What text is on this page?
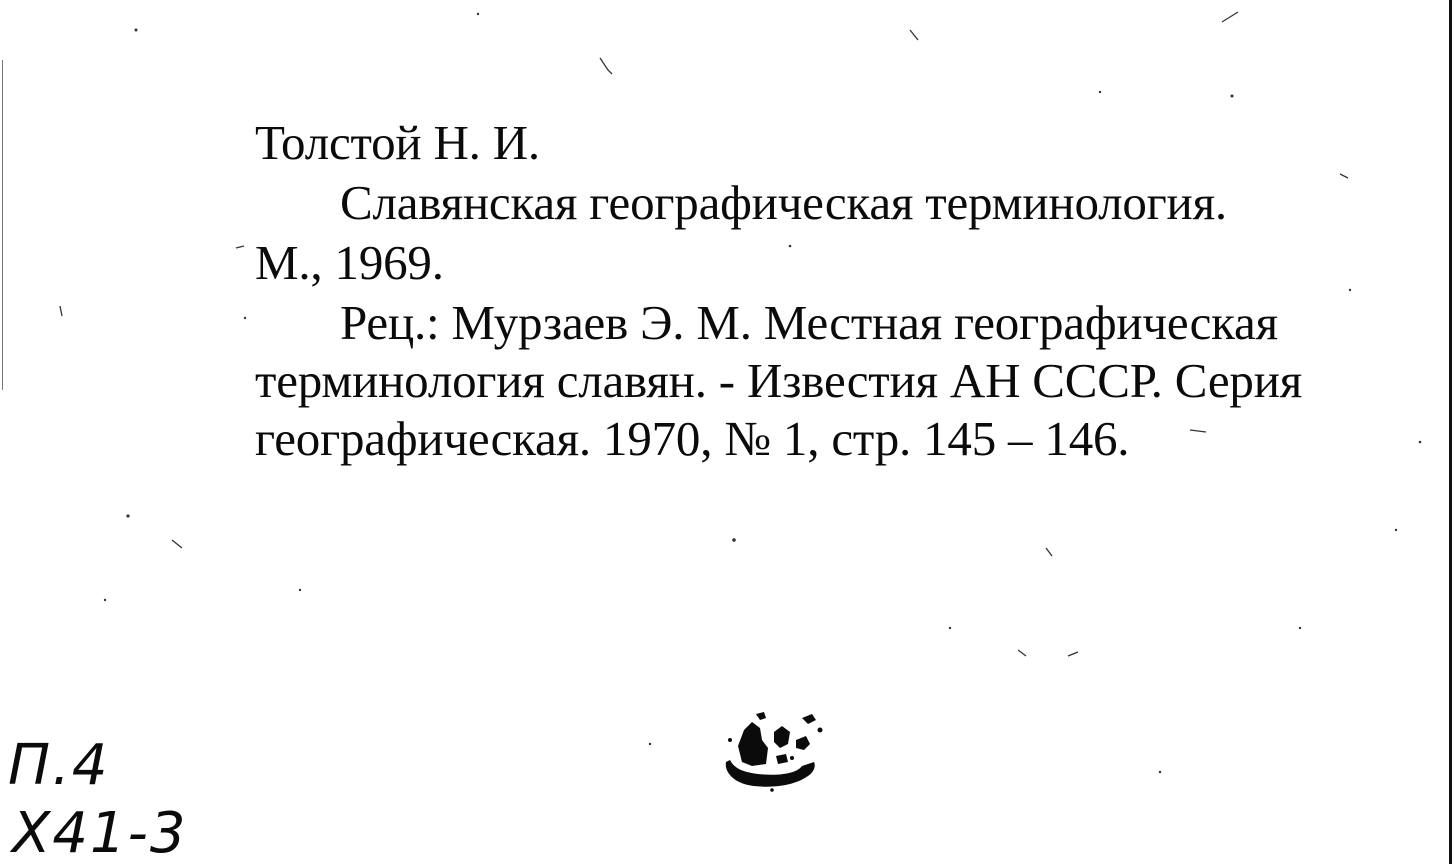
Толстой Н. И.
Славянская географическая терминология.
М., 1969.
Рец.: Мурзаев Э. М. Местная географическая
терминология славян. - Известия АН СССР. Серия
географическая. 1970, № 1, стр. 145 – 146.
П.4
Х41-3
